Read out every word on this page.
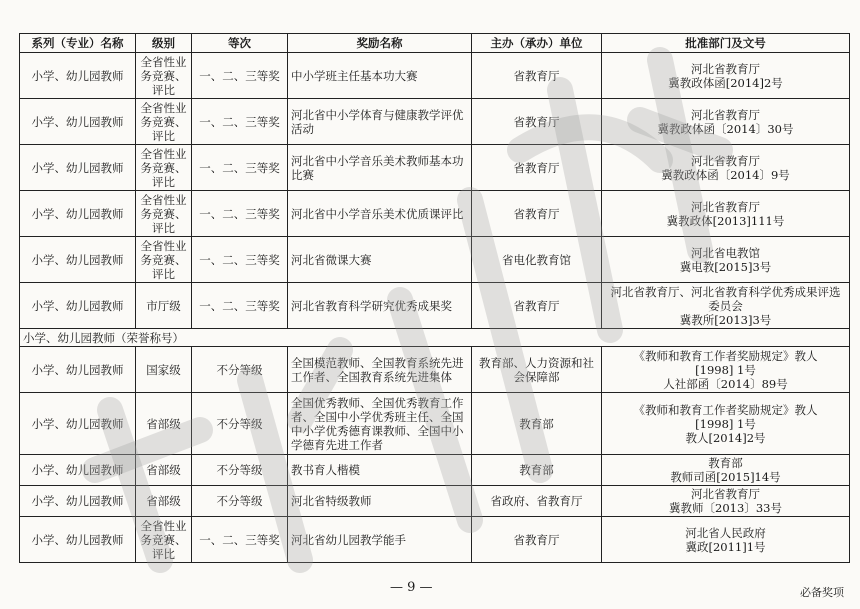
系列（专业）名称	级别	等次	奖励名称	主办（承办）单位	批准部门及文号
小学、幼儿园教师	全省性业务竞赛、评比	一、二、三等奖	中小学班主任基本功大赛	省教育厅	河北省教育厅
冀教政体函[2014]2号

小学、幼儿园教师	全省性业务竞赛、评比	一、二、三等奖	河北省中小学体育与健康教学评优活动	省教育厅	河北省教育厅
冀教政体函〔2014〕30号

小学、幼儿园教师	全省性业务竞赛、评比	一、二、三等奖	河北省中小学音乐美术教师基本功比赛	省教育厅	河北省教育厅
冀教政体函〔2014〕9号

小学、幼儿园教师	全省性业务竞赛、评比	一、二、三等奖	河北省中小学音乐美术优质课评比	省教育厅	河北省教育厅
冀教政体[2013]111号

小学、幼儿园教师	全省性业务竞赛、评比	一、二、三等奖	河北省微课大赛	省电化教育馆	河北省电教馆
冀电教[2015]3号

小学、幼儿园教师	市厅级	一、二、三等奖	河北省教育科学研究优秀成果奖	省教育厅	河北省教育厅、河北省教育科学优秀成果评选委员会
冀教所[2013]3号

小学、幼儿园教师（荣誉称号）					
小学、幼儿园教师	国家级	不分等级	全国模范教师、全国教育系统先进工作者、全国教育系统先进集体	教育部、人力资源和社会保障部	《教师和教育工作者奖励规定》教人
[1998] 1号
人社部函〔2014〕89号

小学、幼儿园教师	省部级	不分等级	全国优秀教师、全国优秀教育工作者、全国中小学优秀班主任、全国中小学优秀德育课教师、全国中小学德育先进工作者	教育部	《教师和教育工作者奖励规定》教人
[1998] 1号
教人[2014]2号

小学、幼儿园教师	省部级	不分等级	教书育人楷模	教育部	教育部
教师司函[2015]14号

小学、幼儿园教师	省部级	不分等级	河北省特级教师	省政府、省教育厅	河北省教育厅
冀教师〔2013〕33号

小学、幼儿园教师	全省性业务竞赛、评比	一、二、三等奖	河北省幼儿园教学能手	省教育厅	河北省人民政府
冀政[2011]1号
— 9 —	必备奖项
